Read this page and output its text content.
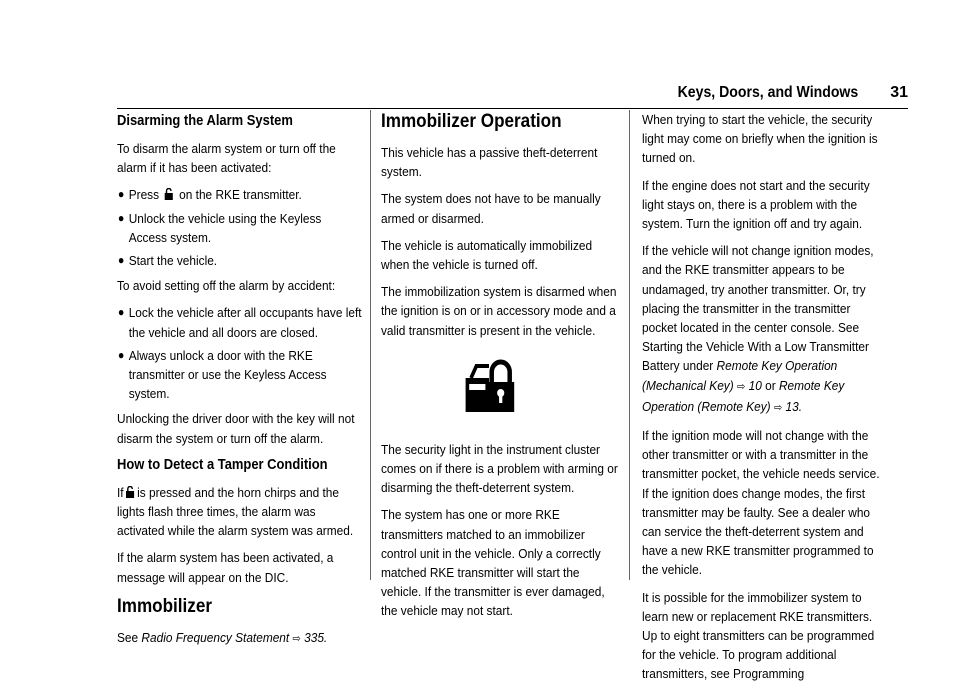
Keys, Doors, and Windows 31
Disarming the Alarm System

To disarm the alarm system or turn off the alarm if it has been activated:

● Press on the RKE transmitter.
● Unlock the vehicle using the Keyless Access system.
● Start the vehicle.

To avoid setting off the alarm by accident:

● Lock the vehicle after all occupants have left the vehicle and all doors are closed.
● Always unlock a door with the RKE transmitter or use the Keyless Access system.

Unlocking the driver door with the key will not disarm the system or turn off the alarm.

How to Detect a Tamper Condition

If is pressed and the horn chirps and the lights flash three times, the alarm was activated while the alarm system was armed.

If the alarm system has been activated, a message will appear on the DIC.

Immobilizer

See Radio Frequency Statement ⇨ 335.

Immobilizer Operation

This vehicle has a passive theft-deterrent system.

The system does not have to be manually armed or disarmed.

The vehicle is automatically immobilized when the vehicle is turned off.

The immobilization system is disarmed when the ignition is on or in accessory mode and a valid transmitter is present in the vehicle.

The security light in the instrument cluster comes on if there is a problem with arming or disarming the theft-deterrent system.

The system has one or more RKE transmitters matched to an immobilizer control unit in the vehicle. Only a correctly matched RKE transmitter will start the vehicle. If the transmitter is ever damaged, the vehicle may not start.

When trying to start the vehicle, the security light may come on briefly when the ignition is turned on.

If the engine does not start and the security light stays on, there is a problem with the system. Turn the ignition off and try again.

If the vehicle will not change ignition modes, and the RKE transmitter appears to be undamaged, try another transmitter. Or, try placing the transmitter in the transmitter pocket located in the center console. See Starting the Vehicle With a Low Transmitter Battery under Remote Key Operation (Mechanical Key) ⇨ 10 or Remote Key Operation (Remote Key) ⇨ 13.

If the ignition mode will not change with the other transmitter or with a transmitter in the transmitter pocket, the vehicle needs service. If the ignition does change modes, the first transmitter may be faulty. See a dealer who can service the theft-deterrent system and have a new RKE transmitter programmed to the vehicle.

It is possible for the immobilizer system to learn new or replacement RKE transmitters. Up to eight transmitters can be programmed for the vehicle. To program additional transmitters, see Programming
